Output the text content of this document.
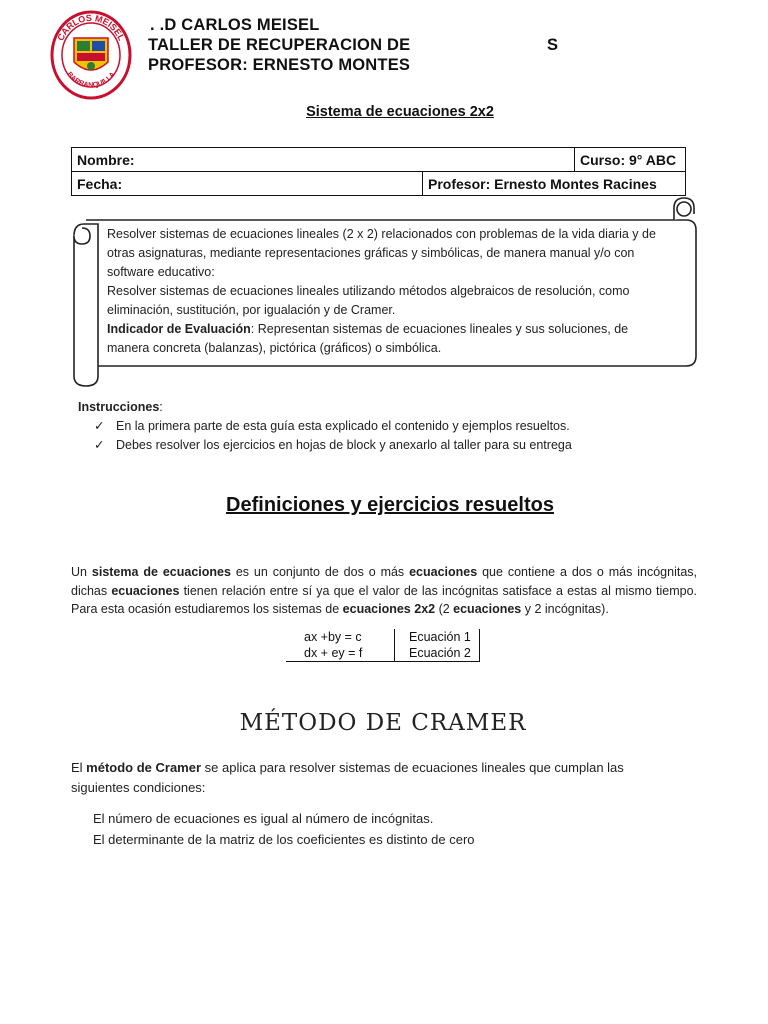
CARLOS MEISEL
BARRANQUILLA
. .D CARLOS MEISEL
TALLER DE RECUPERACION DE	S
PROFESOR: ERNESTO MONTES
Sistema de ecuaciones 2x2
Nombre:		Curso: 9° ABC
Fecha:	Profesor: Ernesto Montes Racines	

Resolver sistemas de ecuaciones lineales (2 x 2) relacionados con problemas de la vida diaria y de otras asignaturas, mediante representaciones gráficas y simbólicas, de manera manual y/o con software educativo:

Resolver sistemas de ecuaciones lineales utilizando métodos algebraicos de resolución, como eliminación, sustitución, por igualación y de Cramer.

Indicador de Evaluación: Representan sistemas de ecuaciones lineales y sus soluciones, de manera concreta (balanzas), pictórica (gráficos) o simbólica.

Instrucciones:
✓ En la primera parte de esta guía esta explicado el contenido y ejemplos resueltos.
✓ Debes resolver los ejercicios en hojas de block y anexarlo al taller para su entrega
Definiciones y ejercicios resueltos
Un sistema de ecuaciones es un conjunto de dos o más ecuaciones que contiene a dos o más incógnitas, dichas ecuaciones tienen relación entre sí ya que el valor de las incógnitas satisface a estas al mismo tiempo. Para esta ocasión estudiaremos los sistemas de ecuaciones 2x2 (2 ecuaciones y 2 incógnitas).
ax +by = c	Ecuación 1
dx + ey = f	Ecuación 2
MÉTODO DE CRAMER
El método de Cramer se aplica para resolver sistemas de ecuaciones lineales que cumplan las siguientes condiciones:
El número de ecuaciones es igual al número de incógnitas.
El determinante de la matriz de los coeficientes es distinto de cero
